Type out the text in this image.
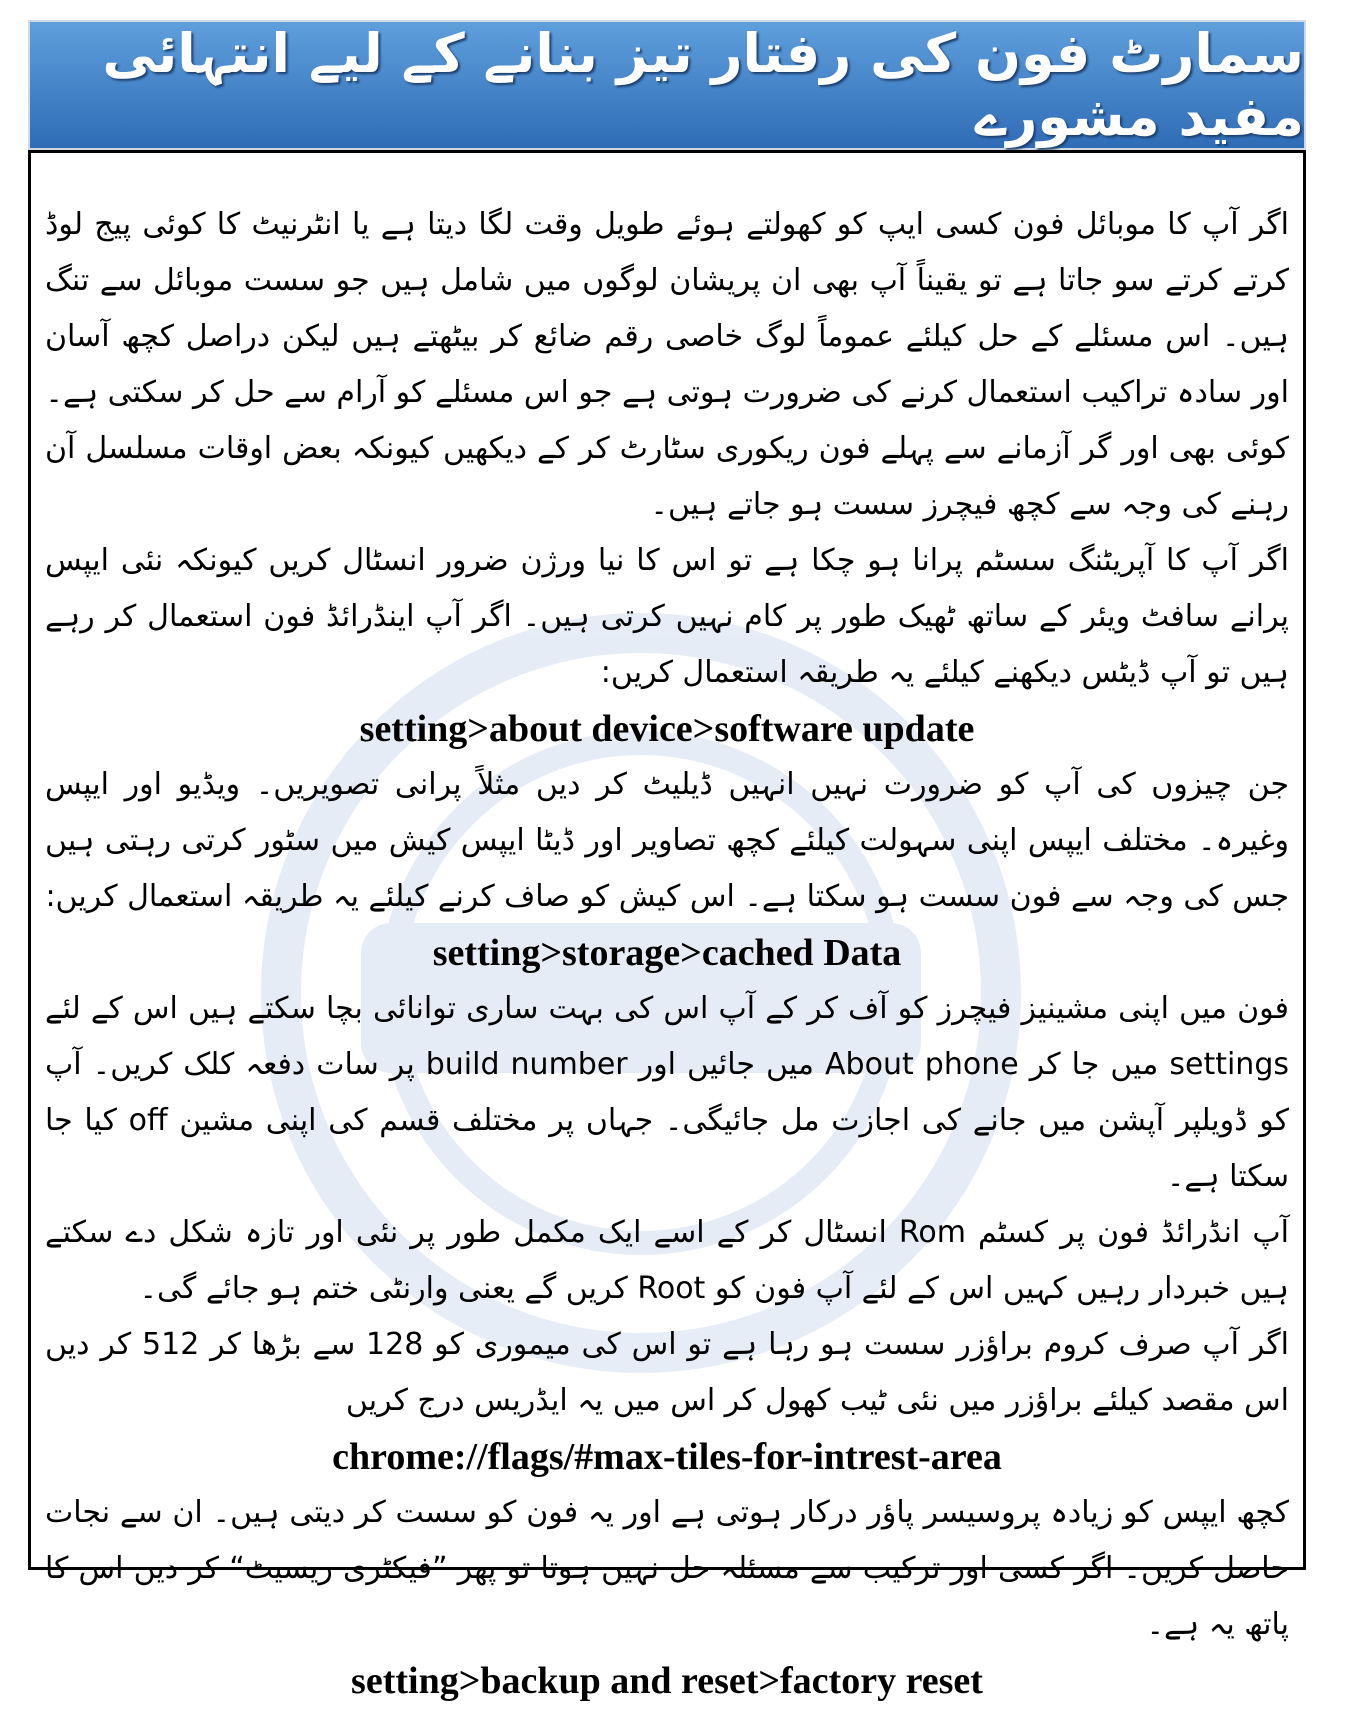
سمارٹ فون کی رفتار تیز بنانے کے لیے انتہائی مفید مشورے

اگر آپ کا موبائل فون کسی ایپ کو کھولتے ہوئے طویل وقت لگا دیتا ہے یا انٹرنیٹ کا کوئی پیج لوڈ کرتے کرتے سو جاتا ہے تو یقیناً آپ بھی ان پریشان لوگوں میں شامل ہیں جو سست موبائل سے تنگ ہیں۔ اس مسئلے کے حل کیلئے عموماً لوگ خاصی رقم ضائع کر بیٹھتے ہیں لیکن دراصل کچھ آسان اور سادہ تراکیب استعمال کرنے کی ضرورت ہوتی ہے جو اس مسئلے کو آرام سے حل کر سکتی ہے۔

کوئی بھی اور گر آزمانے سے پہلے فون ریکوری سٹارٹ کر کے دیکھیں کیونکہ بعض اوقات مسلسل آن رہنے کی وجہ سے کچھ فیچرز سست ہو جاتے ہیں۔

اگر آپ کا آپریٹنگ سسٹم پرانا ہو چکا ہے تو اس کا نیا ورژن ضرور انسٹال کریں کیونکہ نئی ایپس پرانے سافٹ ویئر کے ساتھ ٹھیک طور پر کام نہیں کرتی ہیں۔ اگر آپ اینڈرائڈ فون استعمال کر رہے ہیں تو آپ ڈیٹس دیکھنے کیلئے یہ طریقہ استعمال کریں:

setting>about device>software update

جن چیزوں کی آپ کو ضرورت نہیں انہیں ڈیلیٹ کر دیں مثلاً پرانی تصویریں۔ ویڈیو اور ایپس وغیرہ۔ مختلف ایپس اپنی سہولت کیلئے کچھ تصاویر اور ڈیٹا ایپس کیش میں سٹور کرتی رہتی ہیں جس کی وجہ سے فون سست ہو سکتا ہے۔ اس کیش کو صاف کرنے کیلئے یہ طریقہ استعمال کریں:

setting>storage>cached Data

فون میں اپنی مشینیز فیچرز کو آف کر کے آپ اس کی بہت ساری توانائی بچا سکتے ہیں اس کے لئے settings میں جا کر About phone میں جائیں اور build number پر سات دفعہ کلک کریں۔ آپ کو ڈویلپر آپشن میں جانے کی اجازت مل جائیگی۔ جہاں پر مختلف قسم کی اپنی مشین off کیا جا سکتا ہے۔

آپ انڈرائڈ فون پر کسٹم Rom انسٹال کر کے اسے ایک مکمل طور پر نئی اور تازہ شکل دے سکتے ہیں خبردار رہیں کہیں اس کے لئے آپ فون کو Root کریں گے یعنی وارنٹی ختم ہو جائے گی۔

اگر آپ صرف کروم براؤزر سست ہو رہا ہے تو اس کی میموری کو 128 سے بڑھا کر 512 کر دیں اس مقصد کیلئے براؤزر میں نئی ٹیب کھول کر اس میں یہ ایڈریس درج کریں

chrome://flags/#max-tiles-for-intrest-area

کچھ ایپس کو زیادہ پروسیسر پاؤر درکار ہوتی ہے اور یہ فون کو سست کر دیتی ہیں۔ ان سے نجات حاصل کریں۔ اگر کسی اور ترکیب سے مسئلہ حل نہیں ہوتا تو پھر ”فیکٹری ریسیٹ“ کر دیں اس کا پاتھ یہ ہے۔

setting>backup and reset>factory reset
